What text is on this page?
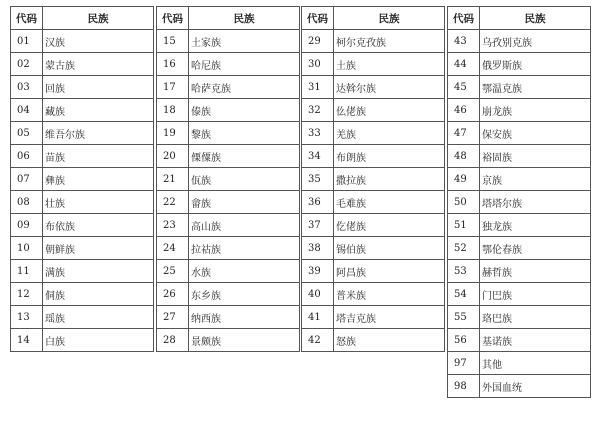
代码	民族
01	汉族
02	蒙古族
03	回族
04	藏族
05	维吾尔族
06	苗族
07	彝族
08	壮族
09	布依族
10	朝鲜族
11	满族
12	侗族
13	瑶族
14	白族
代码	民族
15	土家族
16	哈尼族
17	哈萨克族
18	傣族
19	黎族
20	傈僳族
21	佤族
22	畲族
23	高山族
24	拉祜族
25	水族
26	东乡族
27	纳西族
28	景颇族
代码	民族
29	柯尔克孜族
30	土族
31	达斡尔族
32	仫佬族
33	羌族
34	布朗族
35	撒拉族
36	毛难族
37	仡佬族
38	锡伯族
39	阿昌族
40	普米族
41	塔吉克族
42	怒族
代码	民族
43	乌孜别克族
44	俄罗斯族
45	鄂温克族
46	崩龙族
47	保安族
48	裕固族
49	京族
50	塔塔尔族
51	独龙族
52	鄂伦春族
53	赫哲族
54	门巴族
55	珞巴族
56	基诺族
97	其他
98	外国血统
